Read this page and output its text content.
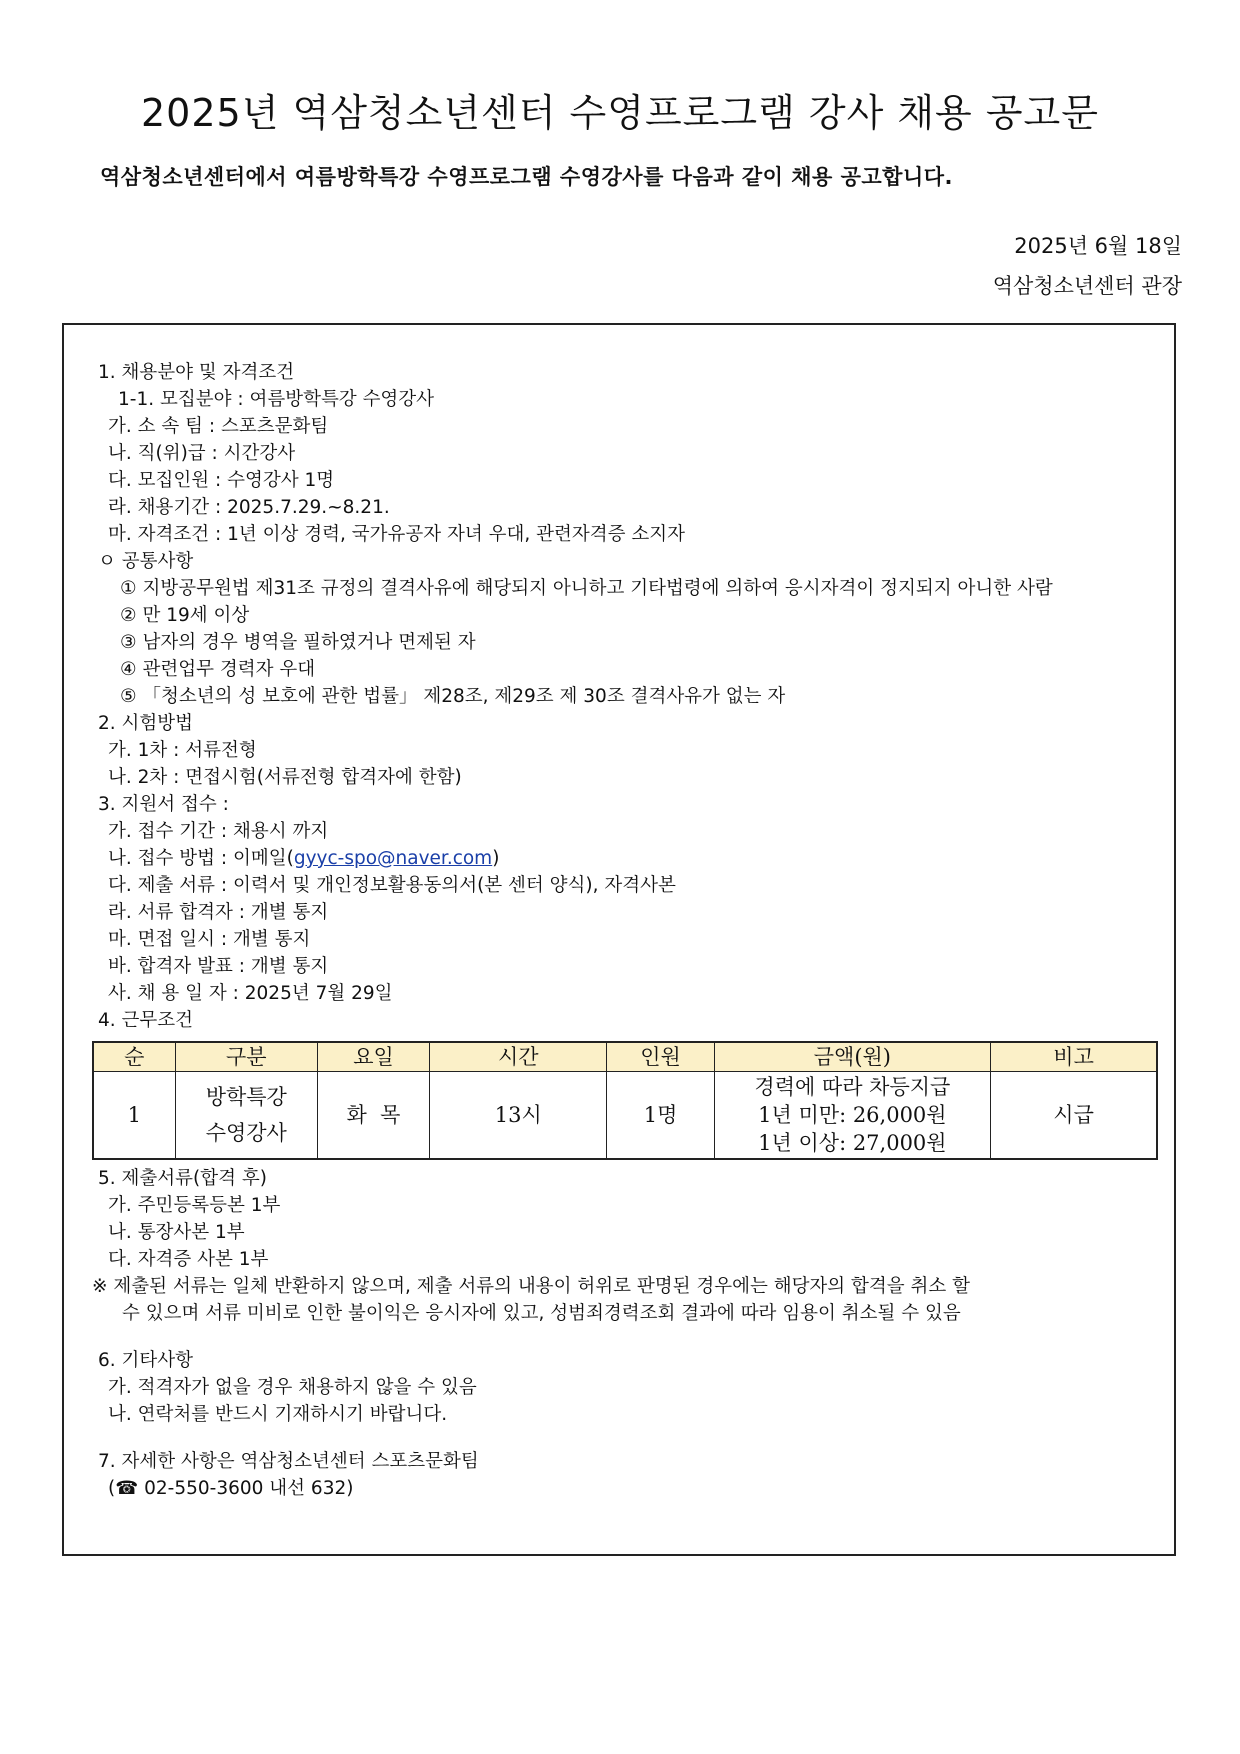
2025년 역삼청소년센터 수영프로그램 강사 채용 공고문

역삼청소년센터에서 여름방학특강 수영프로그램 수영강사를 다음과 같이 채용 공고합니다.

2025년 6월 18일

역삼청소년센터 관장

1. 채용분야 및 자격조건
1-1. 모집분야 : 여름방학특강 수영강사
가. 소 속 팀 : 스포츠문화팀
나. 직(위)급 : 시간강사
다. 모집인원 : 수영강사 1명
라. 채용기간 : 2025.7.29.~8.21.
마. 자격조건 : 1년 이상 경력, 국가유공자 자녀 우대, 관련자격증 소지자
ㅇ 공통사항
① 지방공무원법 제31조 규정의 결격사유에 해당되지 아니하고 기타법령에 의하여 응시자격이 정지되지 아니한 사람
② 만 19세 이상
③ 남자의 경우 병역을 필하였거나 면제된 자
④ 관련업무 경력자 우대
⑤ 「청소년의 성 보호에 관한 법률」 제28조, 제29조 제 30조 결격사유가 없는 자
2. 시험방법
가. 1차 : 서류전형
나. 2차 : 면접시험(서류전형 합격자에 한함)
3. 지원서 접수 :
가. 접수 기간 : 채용시 까지
나. 접수 방법 : 이메일(gyyc-spo@naver.com)
다. 제출 서류 : 이력서 및 개인정보활용동의서(본 센터 양식), 자격사본
라. 서류 합격자 : 개별 통지
마. 면접 일시 : 개별 통지
바. 합격자 발표 : 개별 통지
사. 채 용 일 자 : 2025년 7월 29일
4. 근무조건
순	구분	요일	시간	인원	금액(원)	비고
1	방학특강
수영강사	화  목	13시	1명	경력에 따라 차등지급
1년 미만: 26,000원
1년 이상: 27,000원	시급
5. 제출서류(합격 후)
가. 주민등록등본 1부
나. 통장사본 1부
다. 자격증 사본 1부
※ 제출된 서류는 일체 반환하지 않으며, 제출 서류의 내용이 허위로 판명된 경우에는 해당자의 합격을 취소 할
수 있으며 서류 미비로 인한 불이익은 응시자에 있고, 성범죄경력조회 결과에 따라 임용이 취소될 수 있음
6. 기타사항
가. 적격자가 없을 경우 채용하지 않을 수 있음
나. 연락처를 반드시 기재하시기 바랍니다.
7. 자세한 사항은 역삼청소년센터 스포츠문화팀
(☎ 02-550-3600 내선 632)
